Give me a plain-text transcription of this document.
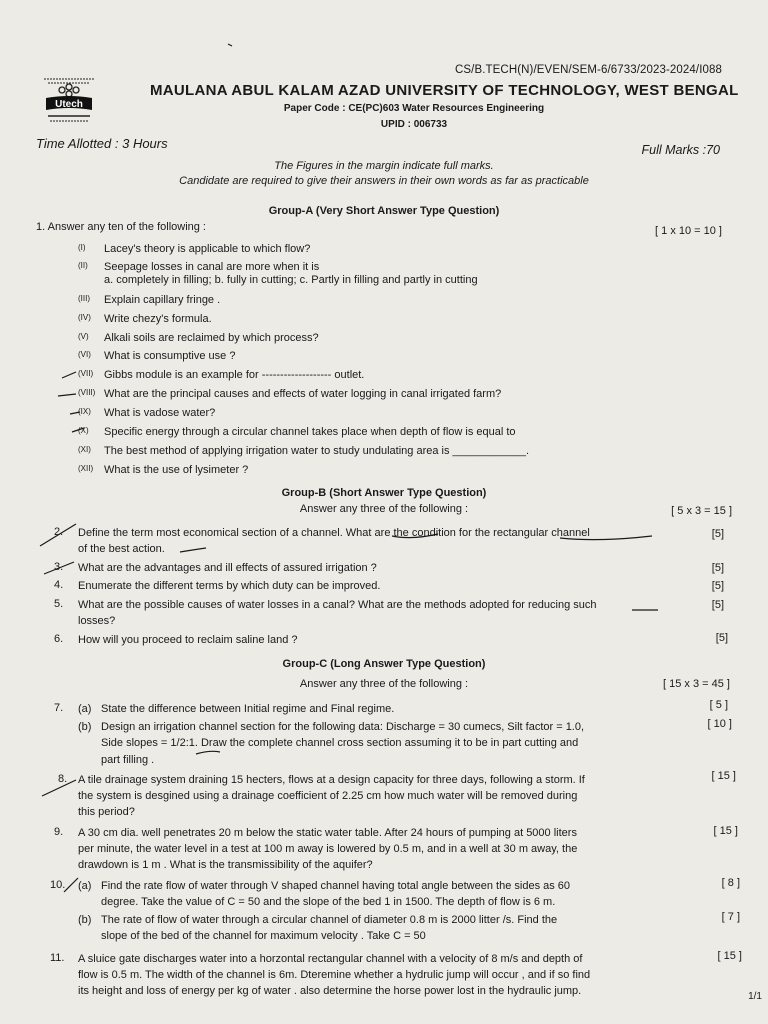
CS/B.TECH(N)/EVEN/SEM-6/6733/2023-2024/I088
Utech
MAULANA ABUL KALAM AZAD UNIVERSITY OF TECHNOLOGY, WEST BENGAL
Paper Code : CE(PC)603 Water Resources Engineering
UPID : 006733
Time Allotted : 3 Hours	Full Marks :70
The Figures in the margin indicate full marks.
Candidate are required to give their answers in their own words as far as practicable
Group-A (Very Short Answer Type Question)
1. Answer any ten of the following :	[ 1 x 10 = 10 ]
(I) Lacey's theory is applicable to which flow?
(II) Seepage losses in canal are more when it is
a. completely in filling; b. fully in cutting; c. Partly in filling and partly in cutting
(III) Explain capillary fringe .
(IV) Write chezy's formula.
(V) Alkali soils are reclaimed by which process?
(VI) What is consumptive use ?
(VII) Gibbs module is an example for ------------------- outlet.
(VIII) What are the principal causes and effects of water logging in canal irrigated farm?
(IX) What is vadose water?
(X) Specific energy through a circular channel takes place when depth of flow is equal to
(XI) The best method of applying irrigation water to study undulating area is ____________.
(XII) What is the use of lysimeter ?
Group-B (Short Answer Type Question)
Answer any three of the following :	[ 5 x 3 = 15 ]
2. Define the term most economical section of a channel. What are the condition for the rectangular channel
of the best action.
[5]
3. What are the advantages and ill effects of assured irrigation ?	[5]
4. Enumerate the different terms by which duty can be improved.	[5]
5. What are the possible causes of water losses in a canal? What are the methods adopted for reducing such
losses?
[5]
6. How will you proceed to reclaim saline land ?	[5]
Group-C (Long Answer Type Question)
Answer any three of the following :	[ 15 x 3 = 45 ]
7. (a) State the difference between Initial regime and Final regime.	[ 5 ]
(b) Design an irrigation channel section for the following data: Discharge = 30 cumecs, Silt factor = 1.0,
Side slopes = 1/2:1. Draw the complete channel cross section assuming it to be in part cutting and
part filling .
[ 10 ]
8. A tile drainage system draining 15 hecters, flows at a design capacity for three days, following a storm. If
the system is desgined using a drainage coefficient of 2.25 cm how much water will be removed during
this period?
[ 15 ]
9. A 30 cm dia. well penetrates 20 m below the static water table. After 24 hours of pumping at 5000 liters
per minute, the water level in a test at 100 m away is lowered by 0.5 m, and in a well at 30 m away, the
drawdown is 1 m . What is the transmissibility of the aquifer?
[ 15 ]
10. (a) Find the rate flow of water through V shaped channel having total angle between the sides as 60
degree. Take the value of C = 50 and the slope of the bed 1 in 1500. The depth of flow is 6 m.
[ 8 ]
(b) The rate of flow of water through a circular channel of diameter 0.8 m is 2000 litter /s. Find the
slope of the bed of the channel for maximum velocity . Take C = 50
[ 7 ]
11. A sluice gate discharges water into a horzontal rectangular channel with a velocity of 8 m/s and depth of
flow is 0.5 m. The width of the channel is 6m. Dteremine whether a hydrulic jump will occur , and if so find
its height and loss of energy per kg of water . also determine the horse power lost in the hydraulic jump.
[ 15 ]
1/1
